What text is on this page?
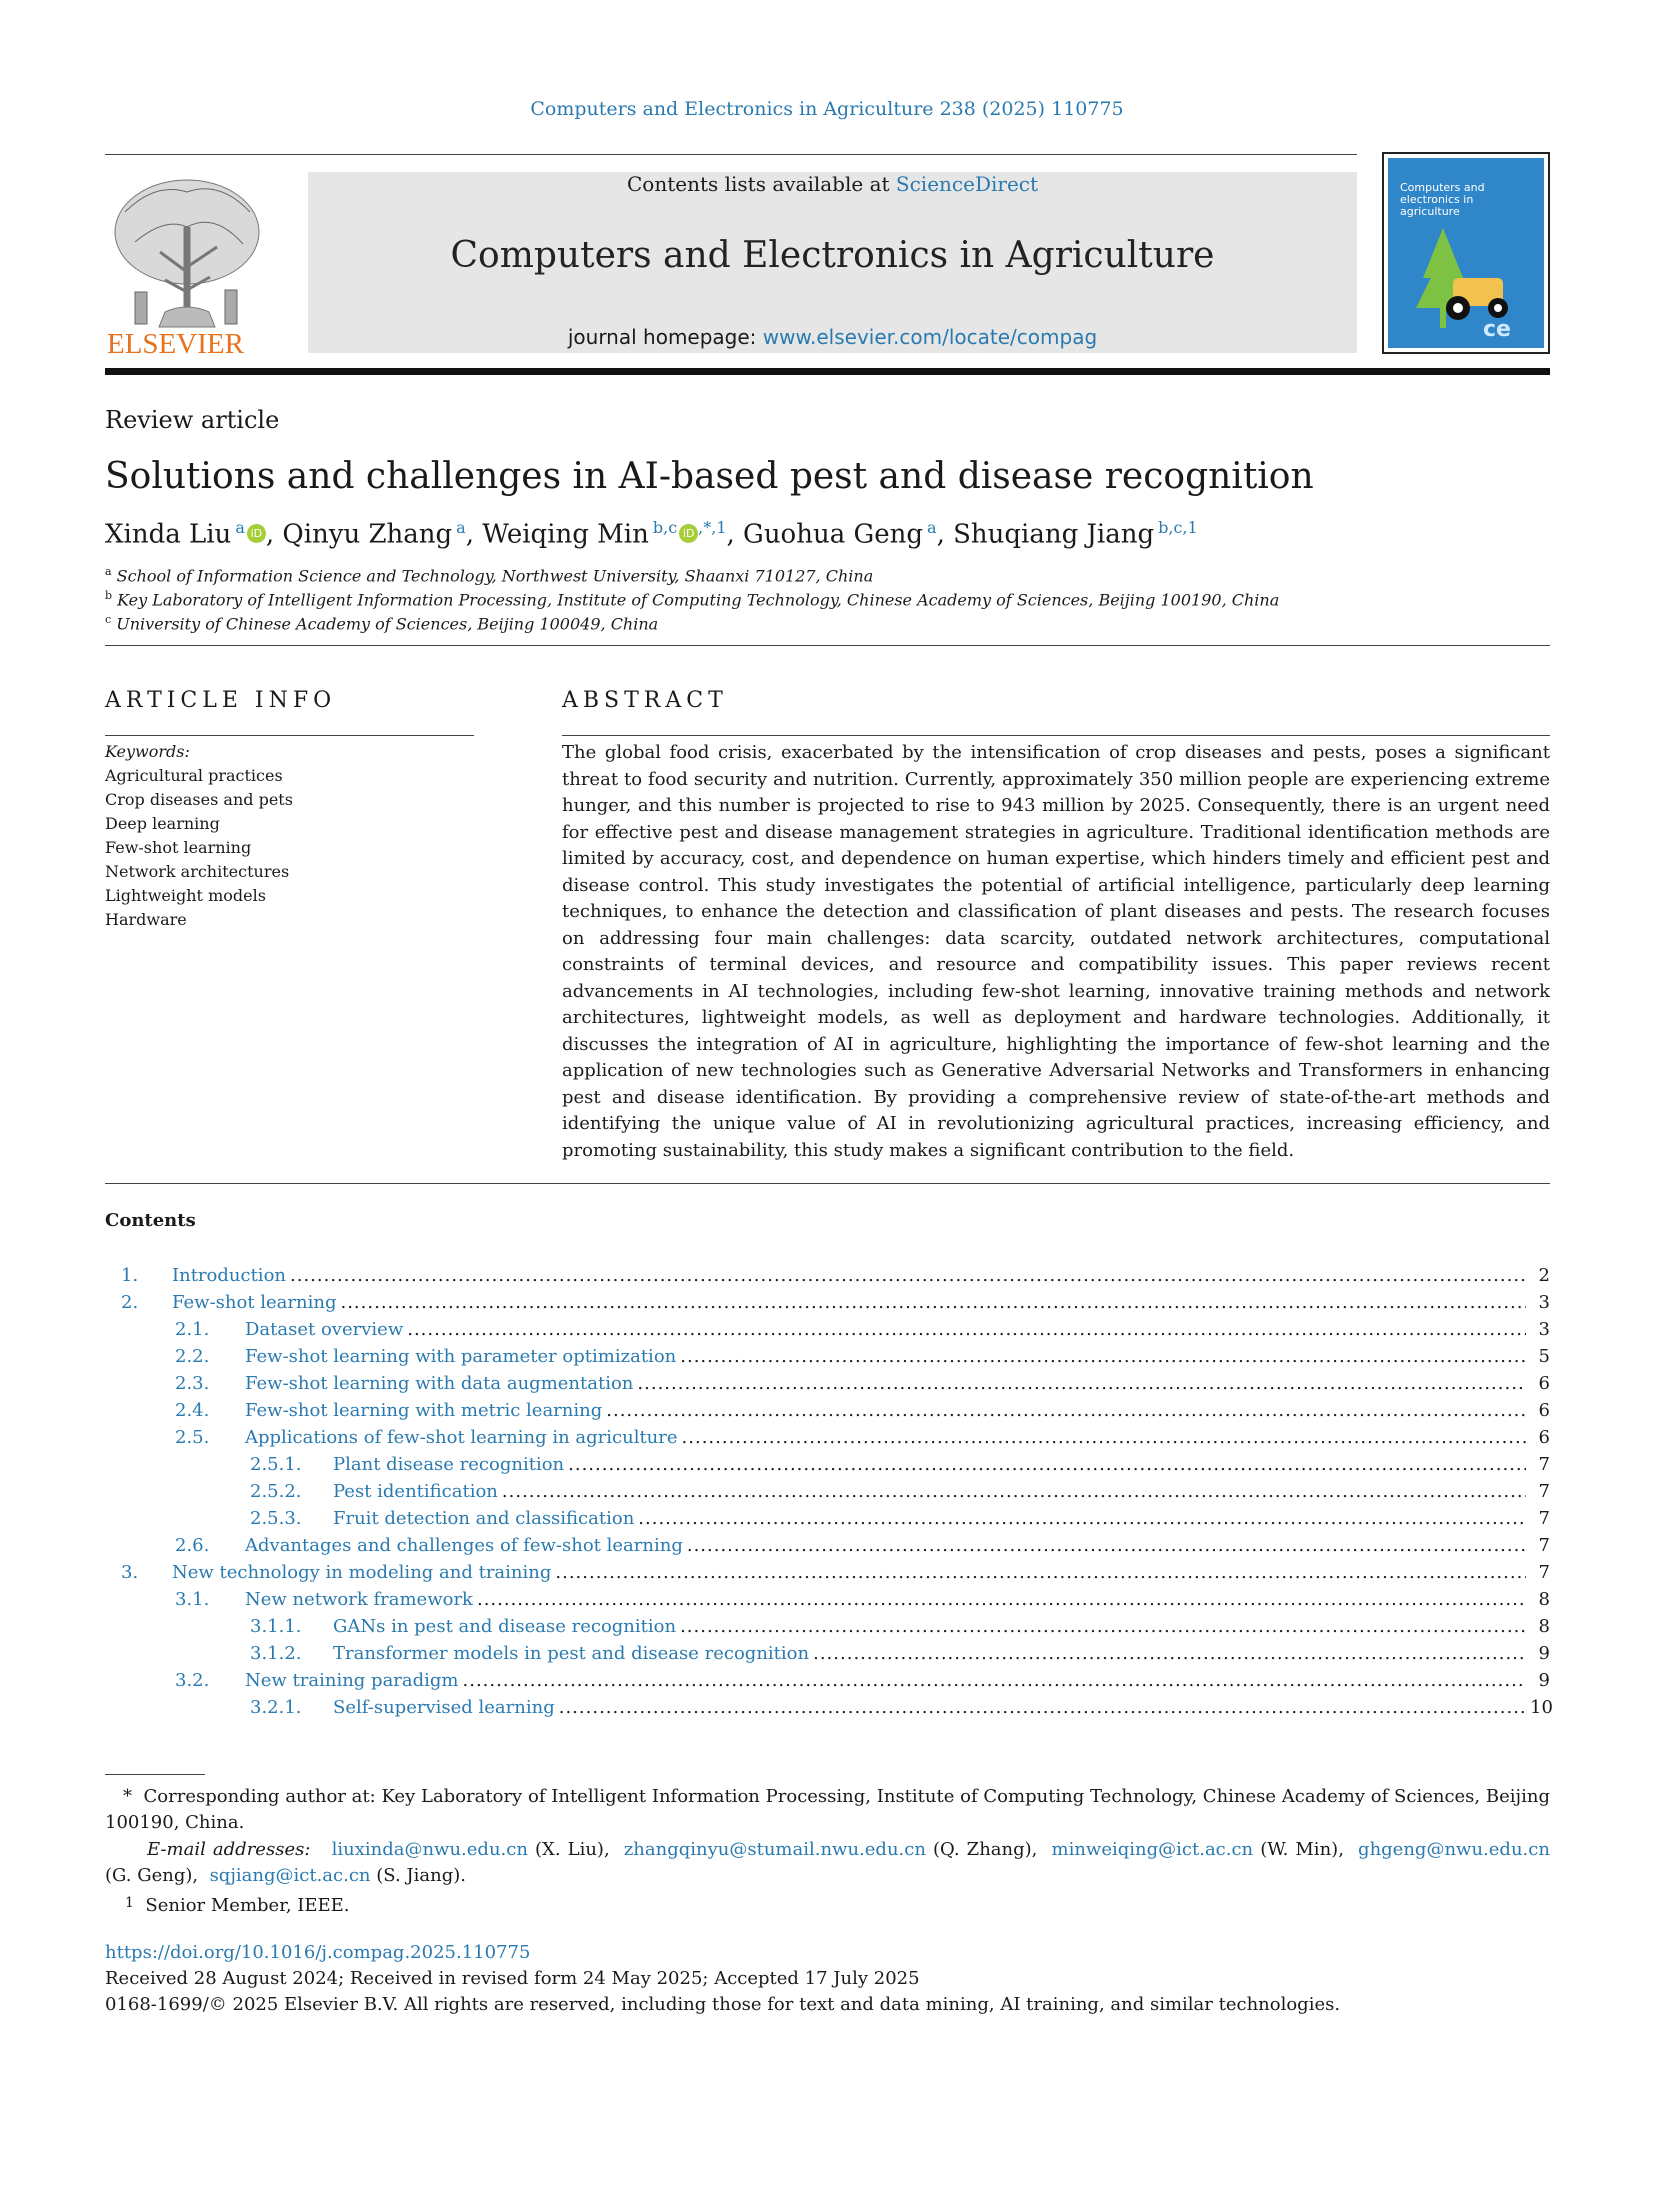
Computers and Electronics in Agriculture 238 (2025) 110775
ELSEVIER
Contents lists available at ScienceDirect
Computers and Electronics in Agriculture
journal homepage: www.elsevier.com/locate/compag
Computers and electronics in agriculture
ce
Review article
Solutions and challenges in AI-based pest and disease recognition
Xinda Liu $^a$ iD , Qinyu Zhang $^a$, Weiqing Min $^{b,c}$ iD $^{,*,1}$, Guohua Geng $^a$, Shuqiang Jiang $^{b,c,1}$
$^a$ School of Information Science and Technology, Northwest University, Shaanxi 710127, China
$^b$ Key Laboratory of Intelligent Information Processing, Institute of Computing Technology, Chinese Academy of Sciences, Beijing 100190, China
$^c$ University of Chinese Academy of Sciences, Beijing 100049, China
ARTICLE INFO	ABSTRACT
Keywords:
Agricultural practices
Crop diseases and pets
Deep learning
Few-shot learning
Network architectures
Lightweight models
Hardware
The global food crisis, exacerbated by the intensification of crop diseases and pests, poses a significant threat to food security and nutrition. Currently, approximately 350 million people are experiencing extreme hunger, and this number is projected to rise to 943 million by 2025. Consequently, there is an urgent need for effective pest and disease management strategies in agriculture. Traditional identification methods are limited by accuracy, cost, and dependence on human expertise, which hinders timely and efficient pest and disease control. This study investigates the potential of artificial intelligence, particularly deep learning techniques, to enhance the detection and classification of plant diseases and pests. The research focuses on addressing four main challenges: data scarcity, outdated network architectures, computational constraints of terminal devices, and resource and compatibility issues. This paper reviews recent advancements in AI technologies, including few-shot learning, innovative training methods and network architectures, lightweight models, as well as deployment and hardware technologies. Additionally, it discusses the integration of AI in agriculture, highlighting the importance of few-shot learning and the application of new technologies such as Generative Adversarial Networks and Transformers in enhancing pest and disease identification. By providing a comprehensive review of state-of-the-art methods and identifying the unique value of AI in revolutionizing agricultural practices, increasing efficiency, and promoting sustainability, this study makes a significant contribution to the field.
Contents
1.	Introduction .....	2
2.	Few-shot learning .....	3
2.1.	Dataset overview .....	3
2.2.	Few-shot learning with parameter optimization .....	5
2.3.	Few-shot learning with data augmentation .....	6
2.4.	Few-shot learning with metric learning .....	6
2.5.	Applications of few-shot learning in agriculture .....	6
2.5.1.	Plant disease recognition .....	7
2.5.2.	Pest identification .....	7
2.5.3.	Fruit detection and classification .....	7
2.6.	Advantages and challenges of few-shot learning .....	7
3.	New technology in modeling and training .....	7
3.1.	New network framework .....	8
3.1.1.	GANs in pest and disease recognition .....	8
3.1.2.	Transformer models in pest and disease recognition .....	9
3.2.	New training paradigm .....	9
3.2.1.	Self-supervised learning .....	10
* Corresponding author at: Key Laboratory of Intelligent Information Processing, Institute of Computing Technology, Chinese Academy of Sciences, Beijing 100190, China.
E-mail addresses: liuxinda@nwu.edu.cn (X. Liu), zhangqinyu@stumail.nwu.edu.cn (Q. Zhang), minweiqing@ict.ac.cn (W. Min), ghgeng@nwu.edu.cn (G. Geng), sqjiang@ict.ac.cn (S. Jiang).
$^1$ Senior Member, IEEE.
https://doi.org/10.1016/j.compag.2025.110775
Received 28 August 2024; Received in revised form 24 May 2025; Accepted 17 July 2025
0168-1699/© 2025 Elsevier B.V. All rights are reserved, including those for text and data mining, AI training, and similar technologies.
